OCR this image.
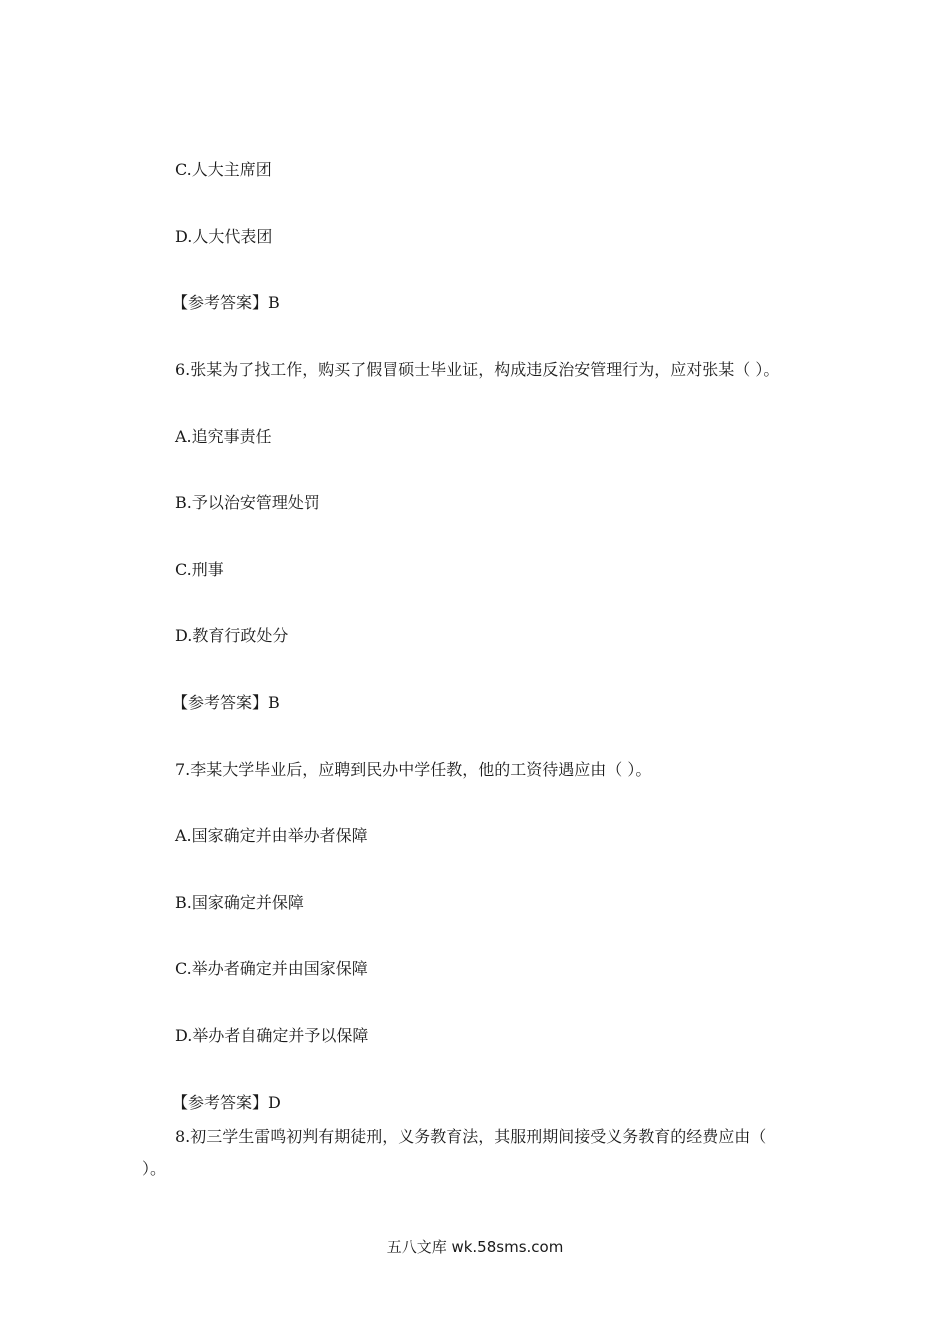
C.人大主席团
D.人大代表团
【参考答案】B
6.张某为了找工作，购买了假冒硕士毕业证，构成违反治安管理行为，应对张某（ ）。
A.追究事责任
B.予以治安管理处罚
C.刑事
D.教育行政处分
【参考答案】B
7.李某大学毕业后，应聘到民办中学任教，他的工资待遇应由（ ）。
A.国家确定并由举办者保障
B.国家确定并保障
C.举办者确定并由国家保障
D.举办者自确定并予以保障
【参考答案】D
8.初三学生雷鸣初判有期徒刑，义务教育法，其服刑期间接受义务教育的经费应由（
）。
五八文库 wk.58sms.com
